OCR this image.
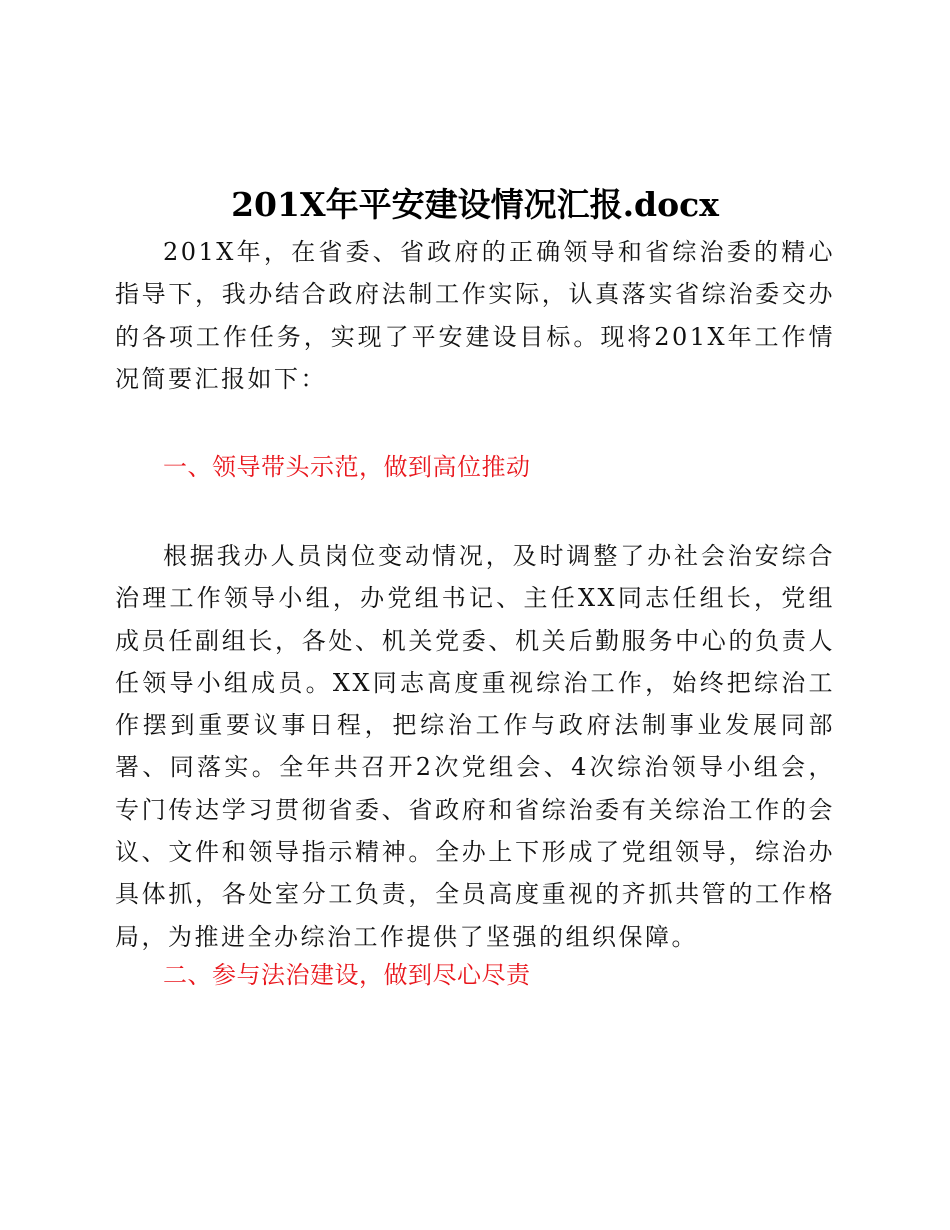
201X年平安建设情况汇报.docx

201X年，在省委、省政府的正确领导和省综治委的精心指导下，我办结合政府法制工作实际，认真落实省综治委交办的各项工作任务，实现了平安建设目标。现将201X年工作情况简要汇报如下：

一、领导带头示范，做到高位推动

根据我办人员岗位变动情况，及时调整了办社会治安综合治理工作领导小组，办党组书记、主任XX同志任组长，党组成员任副组长，各处、机关党委、机关后勤服务中心的负责人任领导小组成员。XX同志高度重视综治工作，始终把综治工作摆到重要议事日程，把综治工作与政府法制事业发展同部署、同落实。全年共召开2次党组会、4次综治领导小组会，专门传达学习贯彻省委、省政府和省综治委有关综治工作的会议、文件和领导指示精神。全办上下形成了党组领导，综治办具体抓，各处室分工负责，全员高度重视的齐抓共管的工作格局，为推进全办综治工作提供了坚强的组织保障。

二、参与法治建设，做到尽心尽责
